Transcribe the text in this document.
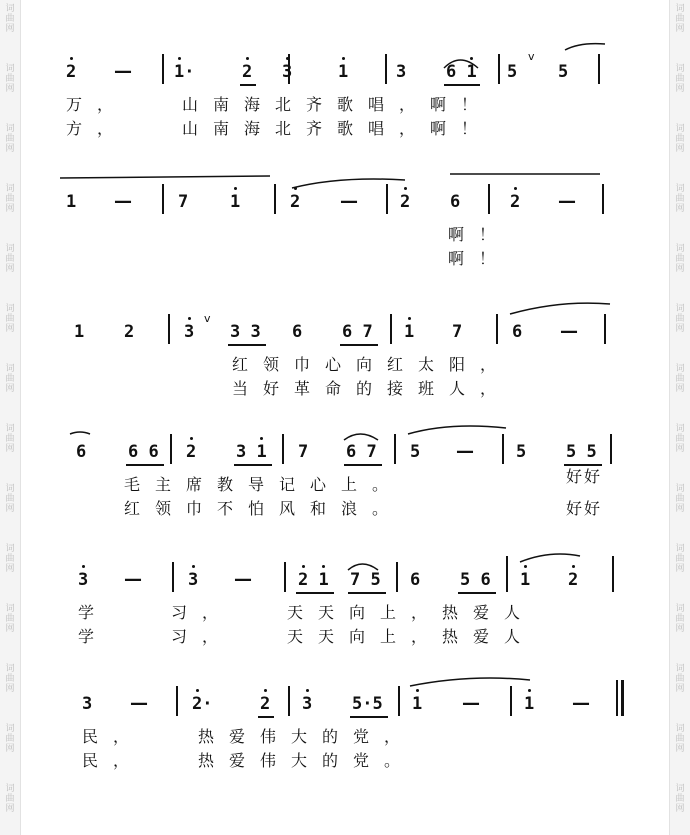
词
曲
网
词
曲
网
词
曲
网
词
曲
网
词
曲
网
词
曲
网
词
曲
网
词
曲
网
词
曲
网
词
曲
网
词
曲
网
词
曲
网
词
曲
网
词
曲
网
词
曲
网
词
曲
网
词
曲
网
词
曲
网
词
曲
网
词
曲
网
词
曲
网
词
曲
网
词
曲
网
词
曲
网
词
曲
网
词
曲
网
词
曲
网
词
曲
网
2 — 1·	2 3	1	3 6 1 5
v
5
万，　　山南海北齐歌唱，啊！
方，　　山南海北齐歌唱，啊！
1 —	7 1	2 — 2 6	2 —
啊！
啊！
1 2	3
v
3 3 6 6 7 1 7	6 —
红领巾心向红太阳，
当好革命的接班人，
6 6 6 2 3 1 7 6 7 5 — 5 5 5
毛主席教导记心上。
红领巾不怕风和浪。
好好
好好
3 —	3 —	2 1 7 5 6 5 6 1 2
学　　习，　　天天向上，热爱人
学　　习，　　天天向上，热爱人
3 —	2·	2 3 5·5 1 —	1 —
民，　　热爱伟大的党，
民，　　热爱伟大的党。
